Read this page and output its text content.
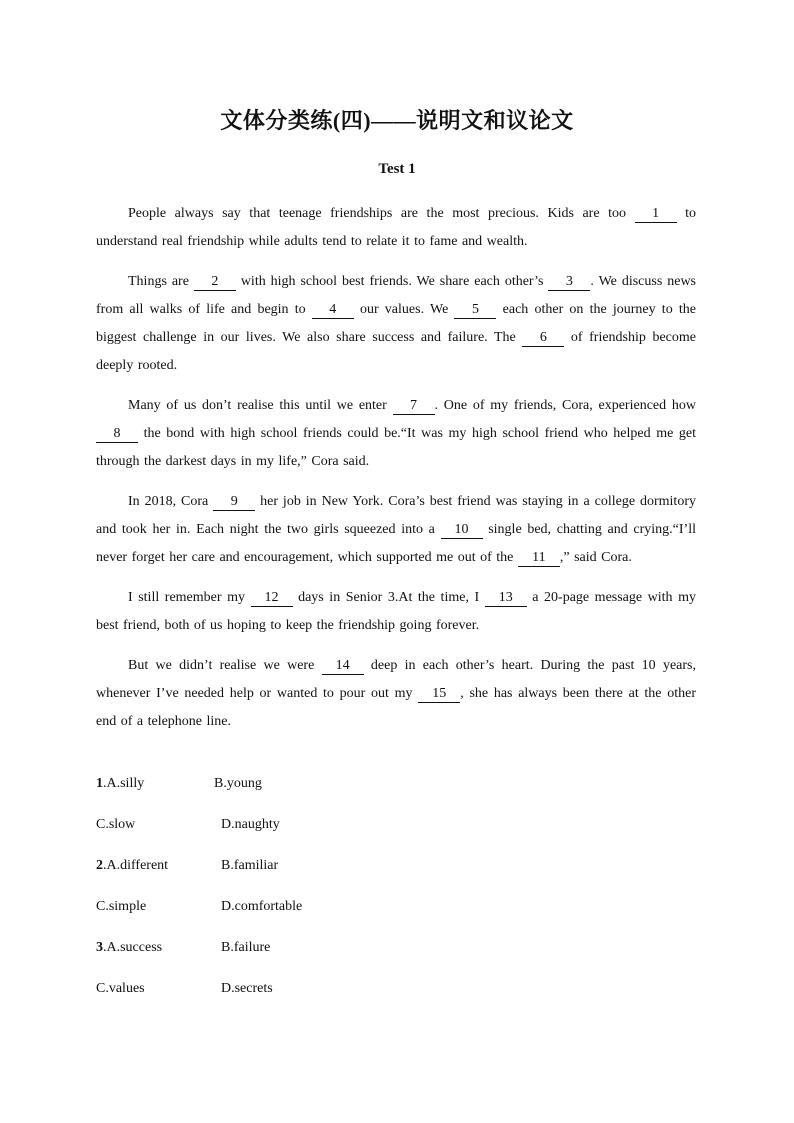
文体分类练(四)——说明文和议论文
Test 1

People always say that teenage friendships are the most precious. Kids are too 1 to understand real friendship while adults tend to relate it to fame and wealth.

Things are 2 with high school best friends. We share each other’s 3 . We discuss news from all walks of life and begin to 4 our values. We 5 each other on the journey to the biggest challenge in our lives. We also share success and failure. The 6 of friendship become deeply rooted.

Many of us don’t realise this until we enter 7 . One of my friends, Cora, experienced how 8 the bond with high school friends could be.“It was my high school friend who helped me get through the darkest days in my life,” Cora said.

In 2018, Cora 9 her job in New York. Cora’s best friend was staying in a college dormitory and took her in. Each night the two girls squeezed into a 10 single bed, chatting and crying.“I’ll never forget her care and encouragement, which supported me out of the 11 ,” said Cora.

I still remember my 12 days in Senior 3.At the time, I 13 a 20-page message with my best friend, both of us hoping to keep the friendship going forever.

But we didn’t realise we were 14 deep in each other’s heart. During the past 10 years, whenever I’ve needed help or wanted to pour out my 15 , she has always been there at the other end of a telephone line.

1.A.silly	B.young
C.slow	D.naughty
2.A.different	B.familiar
C.simple	D.comfortable
3.A.success	B.failure
C.values	D.secrets
